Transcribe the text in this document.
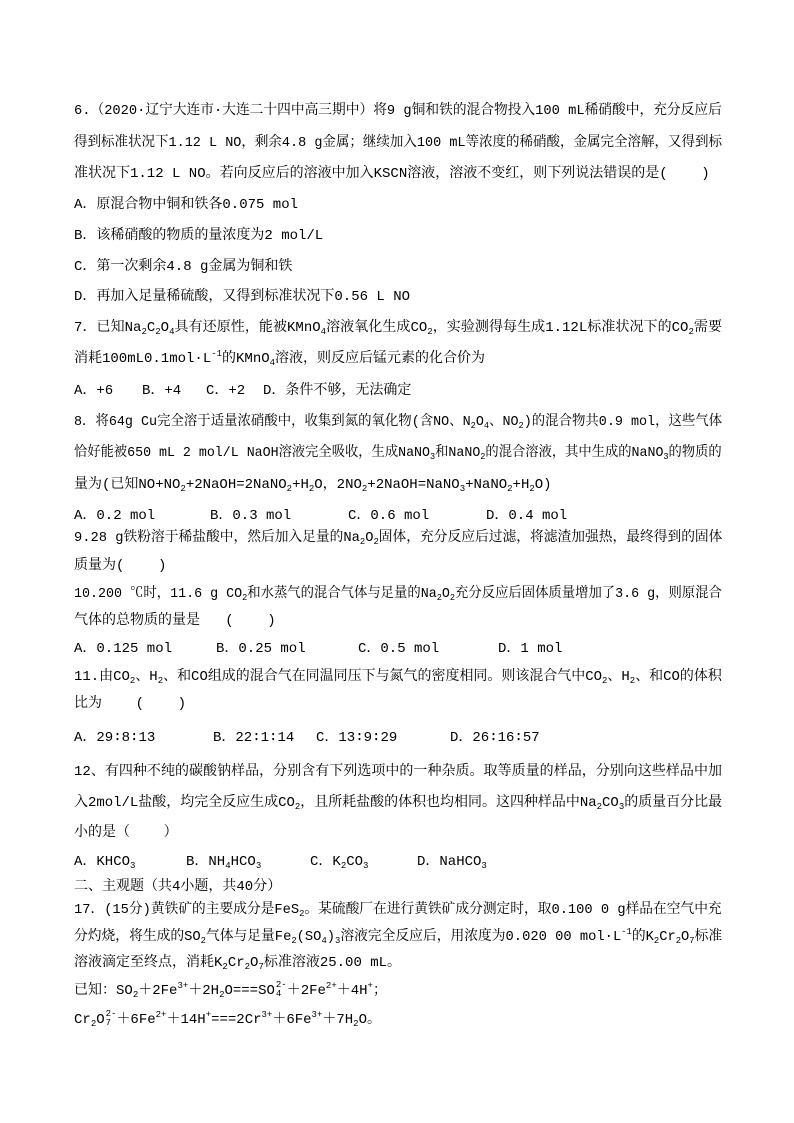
6.（2020·辽宁大连市·大连二十四中高三期中）将9 g铜和铁的混合物投入100 mL稀硝酸中，充分反应后
得到标准状况下1.12 L NO，剩余4.8 g金属；继续加入100 mL等浓度的稀硝酸，金属完全溶解，又得到标
准状况下1.12 L NO。若向反应后的溶液中加入KSCN溶液，溶液不变红，则下列说法错误的是(    )
A．原混合物中铜和铁各0.075 mol
B．该稀硝酸的物质的量浓度为2 mol/L
C．第一次剩余4.8 g金属为铜和铁
D．再加入足量稀硫酸，又得到标准状况下0.56 L NO
7．已知$Na_2C_2O_4$具有还原性，能被KMnO$_4$溶液氧化生成$CO_2$，实验测得每生成1.12L标准状况下的$CO_2$需要
消耗$100mL0.1mol\cdot L^{-1}$的KMnO$_4$溶液，则反应后锰元素的化合价为
A．+6 B．+4 C．+2 D．条件不够，无法确定
8．将64g Cu完全溶于适量浓硝酸中，收集到氮的氧化物(含NO、$N_2O_4$、$NO_2$)的混合物共0.9 mol，这些气体
恰好能被650 mL 2 mol/L NaOH溶液完全吸收，生成NaNO$_3$和NaNO$_2$的混合溶液，其中生成的NaNO$_3$的物质的
量为(已知$NO+NO_2+2NaOH=2NaNO_2+H_2O$，$2NO_2+2NaOH=NaNO_3+NaNO_2+H_2O$)
A．0.2 mol	B．0.3 mol	C．0.6 mol	D．0.4 mol
9.28 g铁粉溶于稀盐酸中，然后加入足量的$Na_2O_2$固体，充分反应后过滤，将滤渣加强热，最终得到的固体
质量为(    )
10.200 ℃时，11.6 g $CO_2$和水蒸气的混合气体与足量的$Na_2O_2$充分反应后固体质量增加了3.6 g，则原混合
气体的总物质的量是   (    )
A．0.125 mol	B．0.25 mol	C．0.5 mol	D．1 mol
11.由$CO_2$、$H_2$、和CO组成的混合气在同温同压下与氮气的密度相同。则该混合气中$CO_2$、$H_2$、和CO的体积
比为    (    )
A．29∶8∶13	B．22∶1∶14 C．13∶9∶29	D．26∶16∶57
12、有四种不纯的碳酸钠样品，分别含有下列选项中的一种杂质。取等质量的样品，分别向这些样品中加
入2mol/L盐酸，均完全反应生成$CO_2$，且所耗盐酸的体积也均相同。这四种样品中$Na_2CO_3$的质量百分比最
小的是（    ）
A．$KHCO_3$	B．$NH_4HCO_3$	C．$K_2CO_3$	D．NaHCO$_3$
二、主观题（共4小题，共40分）
17．(15分)黄铁矿的主要成分是FeS$_2$。某硫酸厂在进行黄铁矿成分测定时，取0.100 0 g样品在空气中充
分灼烧，将生成的$SO_2$气体与足量$Fe_2(SO_4)_3$溶液完全反应后，用浓度为0.020 00 $mol\cdot L^{-1}$的$K_2Cr_2O_7$标准
溶液滴定至终点，消耗$K_2Cr_2O_7$标准溶液25.00 mL。
已知：$SO_2+2Fe^{3+}+2H_2O===SO$ 2-
$4 +2Fe^{2+}+4H^+$；
$Cr_2O$ 2-
$7 +6Fe^{2+}+14H^+===2Cr^{3+}+6Fe^{3+}+7H_2O$。
